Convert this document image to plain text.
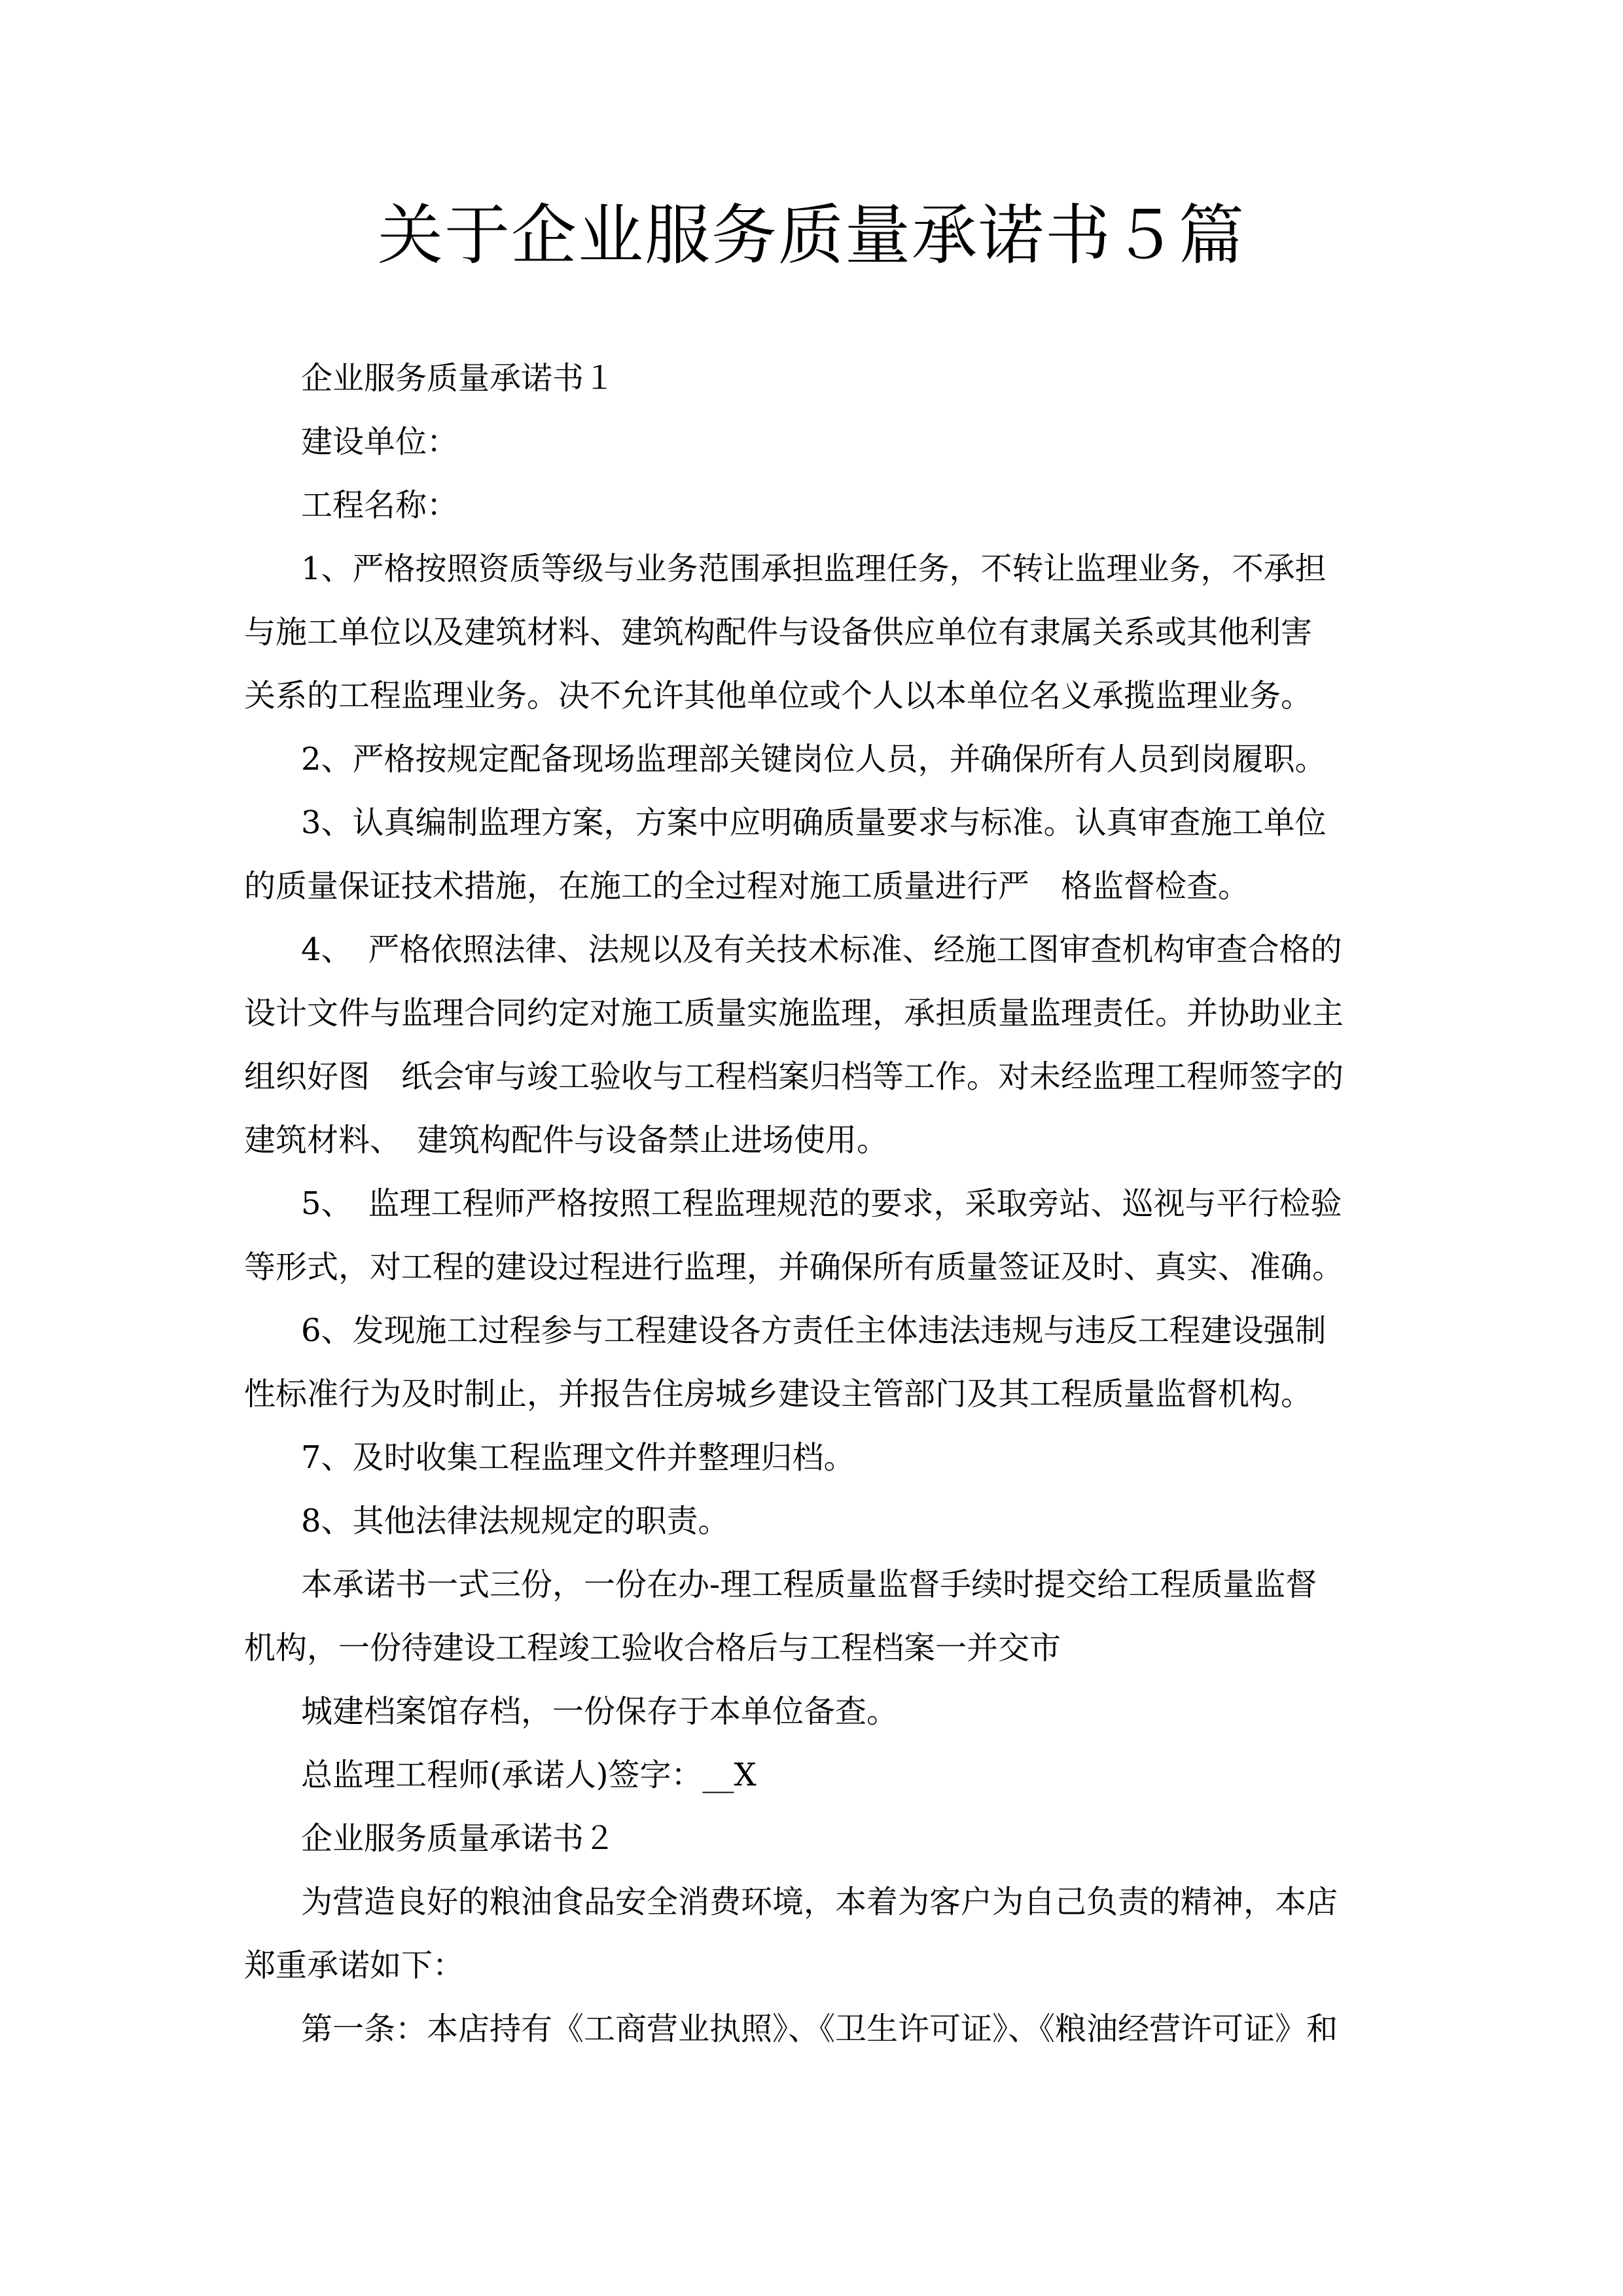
关于企业服务质量承诺书５篇
企业服务质量承诺书１
建设单位：
工程名称：
1、严格按照资质等级与业务范围承担监理任务，不转让监理业务，不承担
与施工单位以及建筑材料、建筑构配件与设备供应单位有隶属关系或其他利害
关系的工程监理业务。决不允许其他单位或个人以本单位名义承揽监理业务。
2、严格按规定配备现场监理部关键岗位人员，并确保所有人员到岗履职。
3、认真编制监理方案，方案中应明确质量要求与标准。认真审查施工单位
的质量保证技术措施，在施工的全过程对施工质量进行严　格监督检查。
4、　严格依照法律、法规以及有关技术标准、经施工图审查机构审查合格的
设计文件与监理合同约定对施工质量实施监理，承担质量监理责任。并协助业主
组织好图　纸会审与竣工验收与工程档案归档等工作。对未经监理工程师签字的
建筑材料、　建筑构配件与设备禁止进场使用。
5、　监理工程师严格按照工程监理规范的要求，采取旁站、巡视与平行检验
等形式，对工程的建设过程进行监理，并确保所有质量签证及时、真实、准确。
6、发现施工过程参与工程建设各方责任主体违法违规与违反工程建设强制
性标准行为及时制止，并报告住房城乡建设主管部门及其工程质量监督机构。
7、及时收集工程监理文件并整理归档。
8、其他法律法规规定的职责。
本承诺书一式三份，一份在办-理工程质量监督手续时提交给工程质量监督
机构，一份待建设工程竣工验收合格后与工程档案一并交市
城建档案馆存档，一份保存于本单位备查。
总监理工程师(承诺人)签字：__X
企业服务质量承诺书２
为营造良好的粮油食品安全消费环境，本着为客户为自己负责的精神，本店
郑重承诺如下：
第一条：本店持有《工商营业执照》、《卫生许可证》、《粮油经营许可证》和
